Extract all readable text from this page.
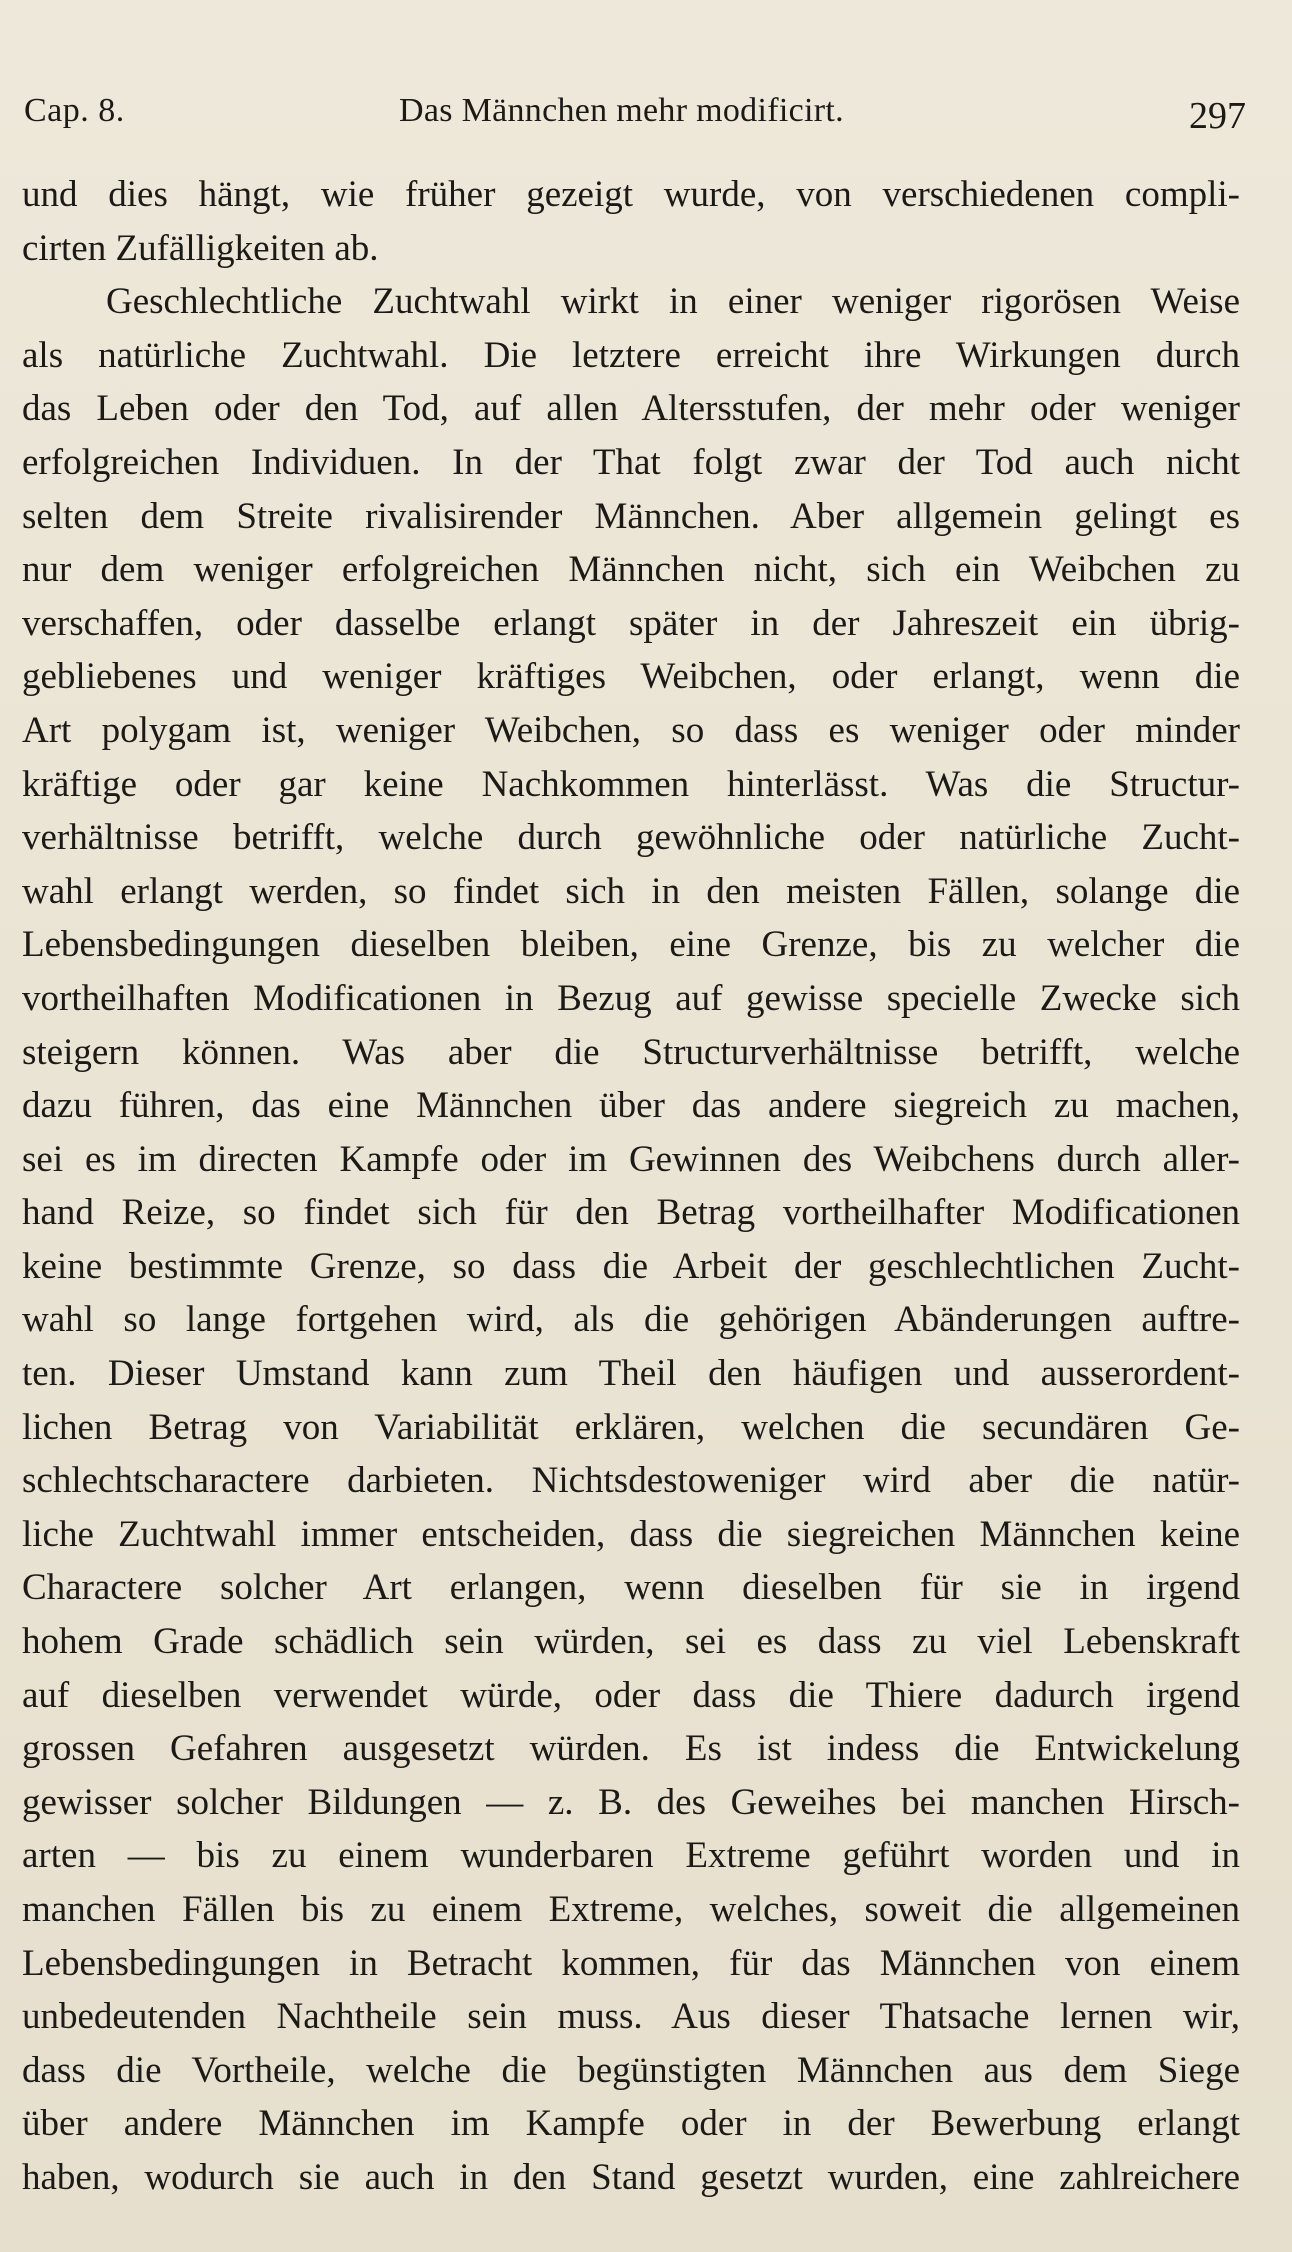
Cap. 8.	Das Männchen mehr modificirt.	297
und dies hängt, wie früher gezeigt wurde, von verschiedenen compli-
cirten Zufälligkeiten ab.
Geschlechtliche Zuchtwahl wirkt in einer weniger rigorösen Weise
als natürliche Zuchtwahl. Die letztere erreicht ihre Wirkungen durch
das Leben oder den Tod, auf allen Altersstufen, der mehr oder weniger
erfolgreichen Individuen. In der That folgt zwar der Tod auch nicht
selten dem Streite rivalisirender Männchen. Aber allgemein gelingt es
nur dem weniger erfolgreichen Männchen nicht, sich ein Weibchen zu
verschaffen, oder dasselbe erlangt später in der Jahreszeit ein übrig-
gebliebenes und weniger kräftiges Weibchen, oder erlangt, wenn die
Art polygam ist, weniger Weibchen, so dass es weniger oder minder
kräftige oder gar keine Nachkommen hinterlässt. Was die Structur-
verhältnisse betrifft, welche durch gewöhnliche oder natürliche Zucht-
wahl erlangt werden, so findet sich in den meisten Fällen, solange die
Lebensbedingungen dieselben bleiben, eine Grenze, bis zu welcher die
vortheilhaften Modificationen in Bezug auf gewisse specielle Zwecke sich
steigern können. Was aber die Structurverhältnisse betrifft, welche
dazu führen, das eine Männchen über das andere siegreich zu machen,
sei es im directen Kampfe oder im Gewinnen des Weibchens durch aller-
hand Reize, so findet sich für den Betrag vortheilhafter Modificationen
keine bestimmte Grenze, so dass die Arbeit der geschlechtlichen Zucht-
wahl so lange fortgehen wird, als die gehörigen Abänderungen auftre-
ten. Dieser Umstand kann zum Theil den häufigen und ausserordent-
lichen Betrag von Variabilität erklären, welchen die secundären Ge-
schlechtscharactere darbieten. Nichtsdestoweniger wird aber die natür-
liche Zuchtwahl immer entscheiden, dass die siegreichen Männchen keine
Charactere solcher Art erlangen, wenn dieselben für sie in irgend
hohem Grade schädlich sein würden, sei es dass zu viel Lebenskraft
auf dieselben verwendet würde, oder dass die Thiere dadurch irgend
grossen Gefahren ausgesetzt würden. Es ist indess die Entwickelung
gewisser solcher Bildungen — z. B. des Geweihes bei manchen Hirsch-
arten — bis zu einem wunderbaren Extreme geführt worden und in
manchen Fällen bis zu einem Extreme, welches, soweit die allgemeinen
Lebensbedingungen in Betracht kommen, für das Männchen von einem
unbedeutenden Nachtheile sein muss. Aus dieser Thatsache lernen wir,
dass die Vortheile, welche die begünstigten Männchen aus dem Siege
über andere Männchen im Kampfe oder in der Bewerbung erlangt
haben, wodurch sie auch in den Stand gesetzt wurden, eine zahlreichere
